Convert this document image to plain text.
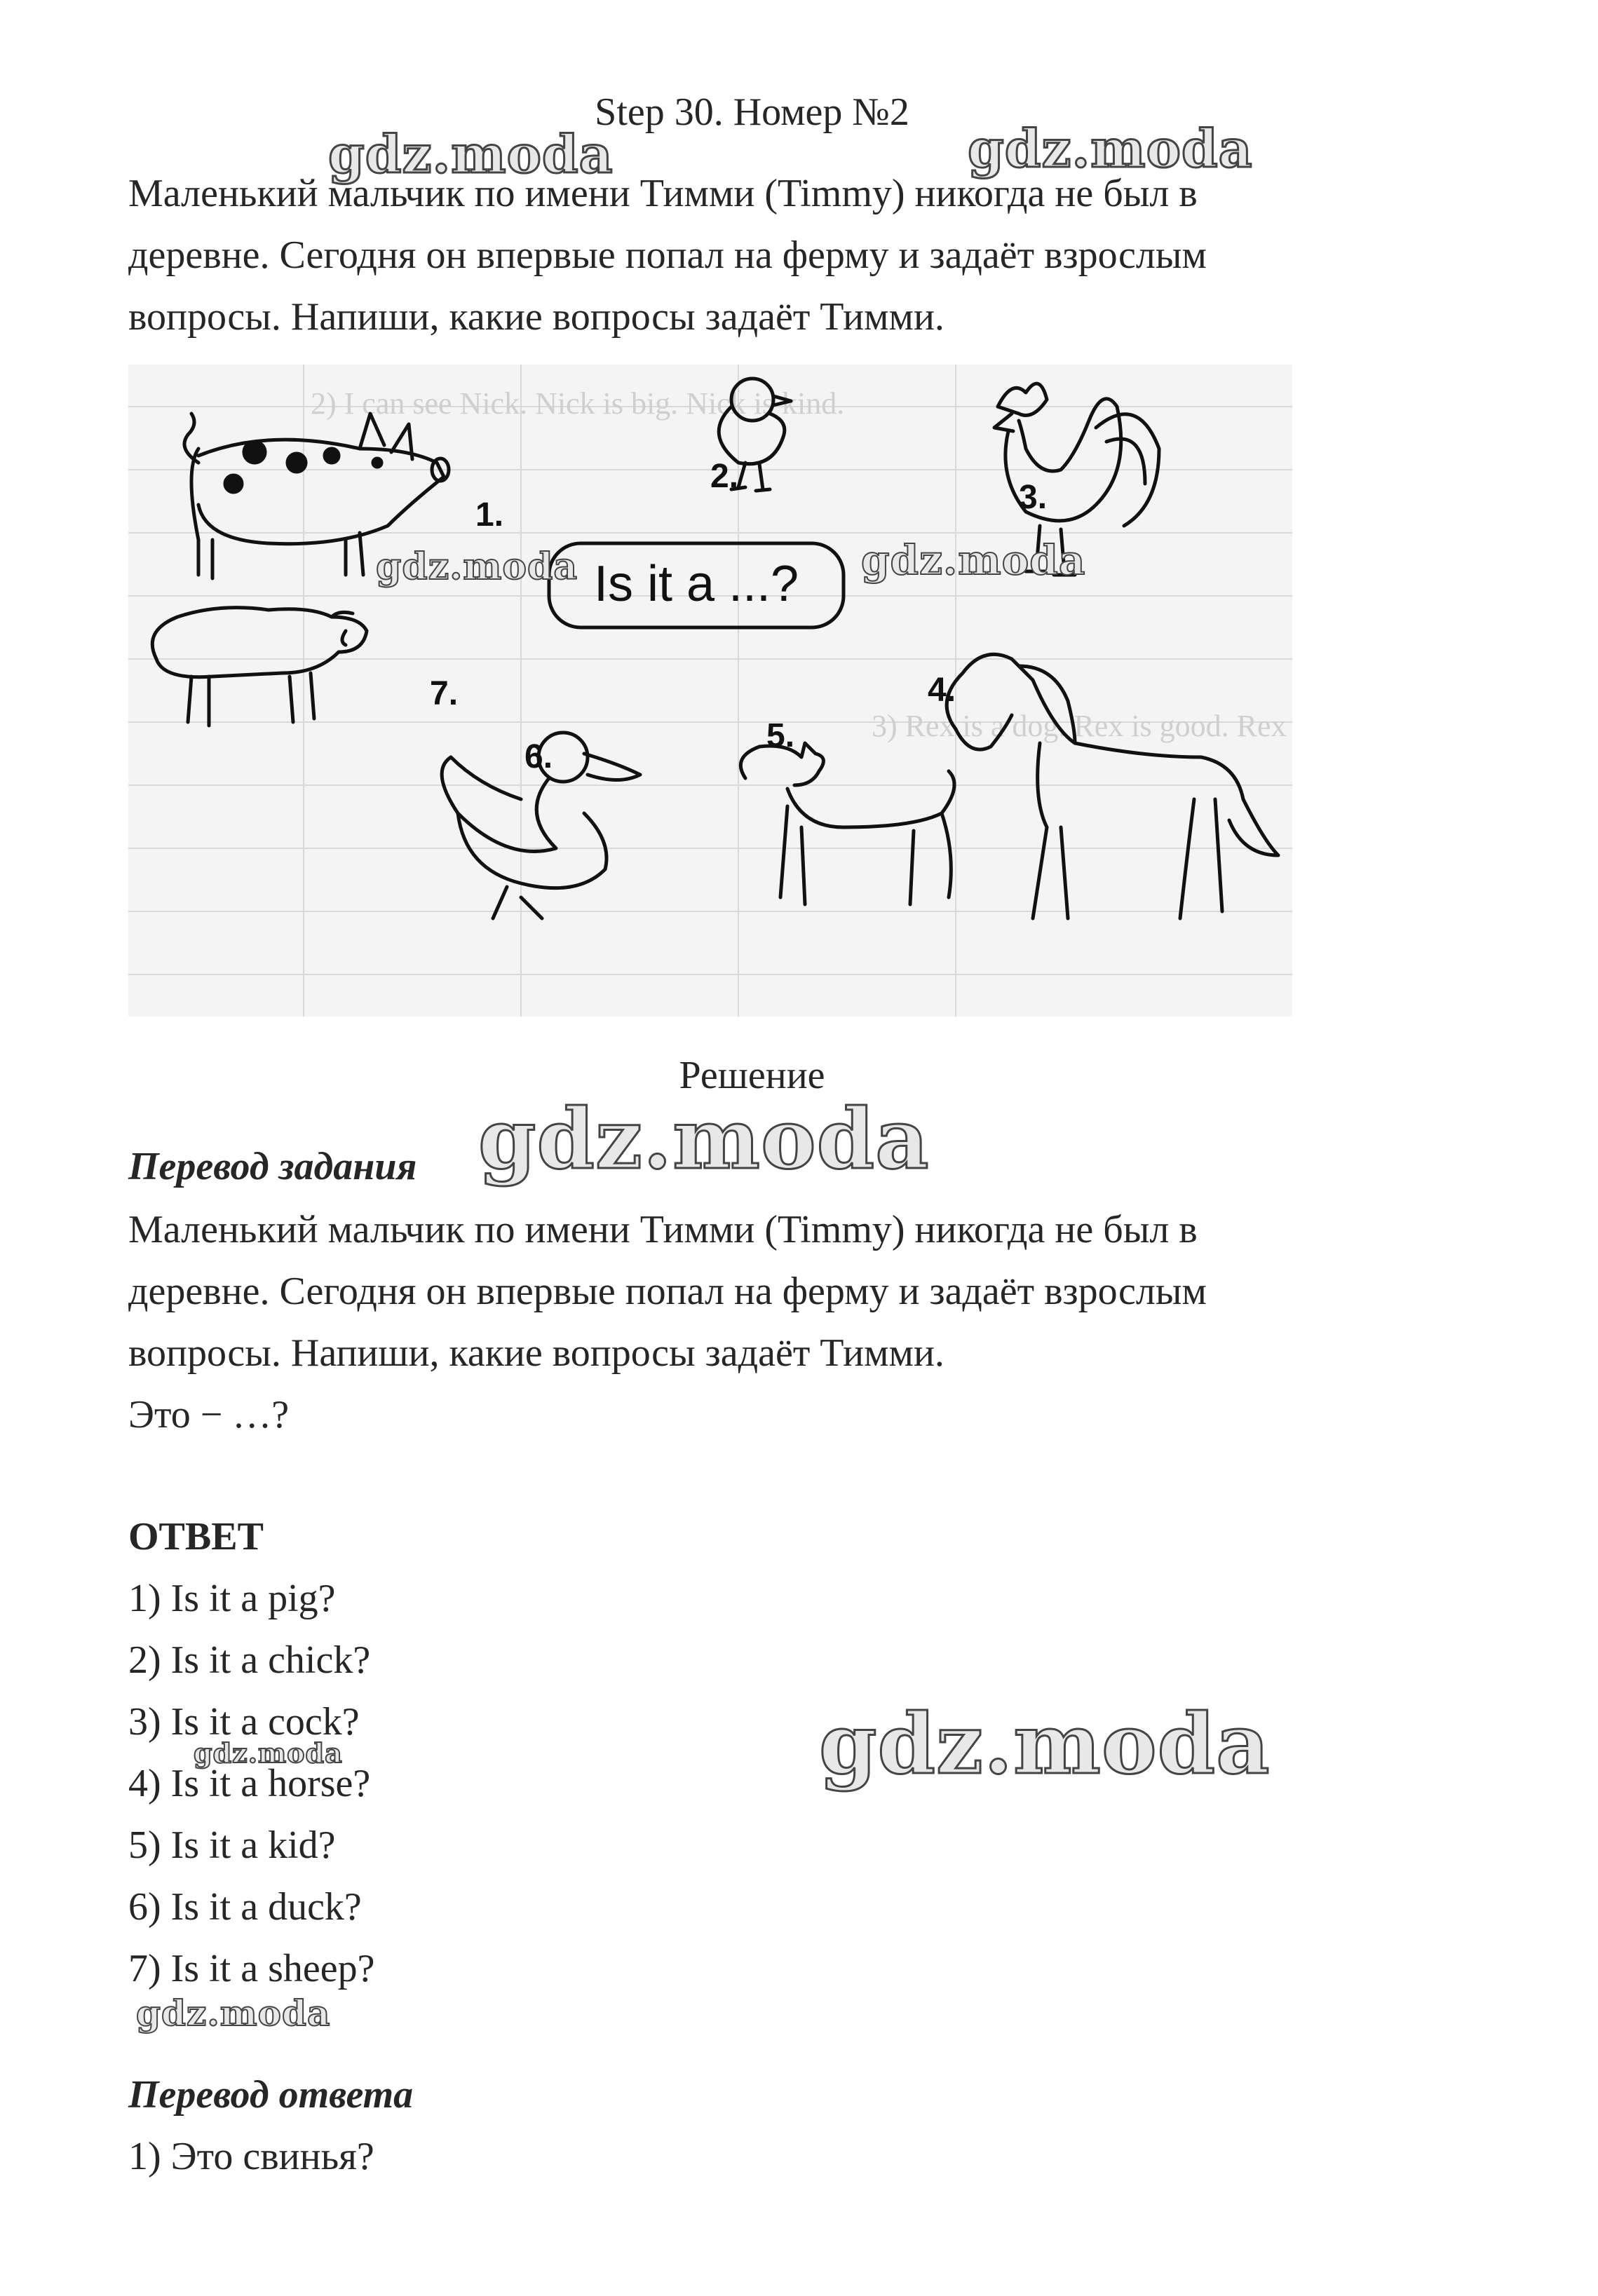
Step 30. Номер №2
Маленький мальчик по имени Тимми (Timmy) никогда не был в
деревне. Сегодня он впервые попал на ферму и задаёт взрослым
вопросы. Напиши, какие вопросы задаёт Тимми.
2) I can see Nick. Nick is big. Nick is kind.
3) Rex is a dog. Rex is good. Rex is r
Is it a ...?
1.
2.
3.
4.
5.
6.
7.
Решение
Перевод задания
Маленький мальчик по имени Тимми (Timmy) никогда не был в
деревне. Сегодня он впервые попал на ферму и задаёт взрослым
вопросы. Напиши, какие вопросы задаёт Тимми.
Это − …?
ОТВЕТ
1) Is it a pig?
2) Is it a chick?
3) Is it a cock?
4) Is it a horse?
5) Is it a kid?
6) Is it a duck?
7) Is it a sheep?
Перевод ответа
1) Это свинья?
gdz.moda	gdz.moda
gdz.moda	gdz.moda
gdz.moda
gdz.moda
gdz.moda
gdz.moda
